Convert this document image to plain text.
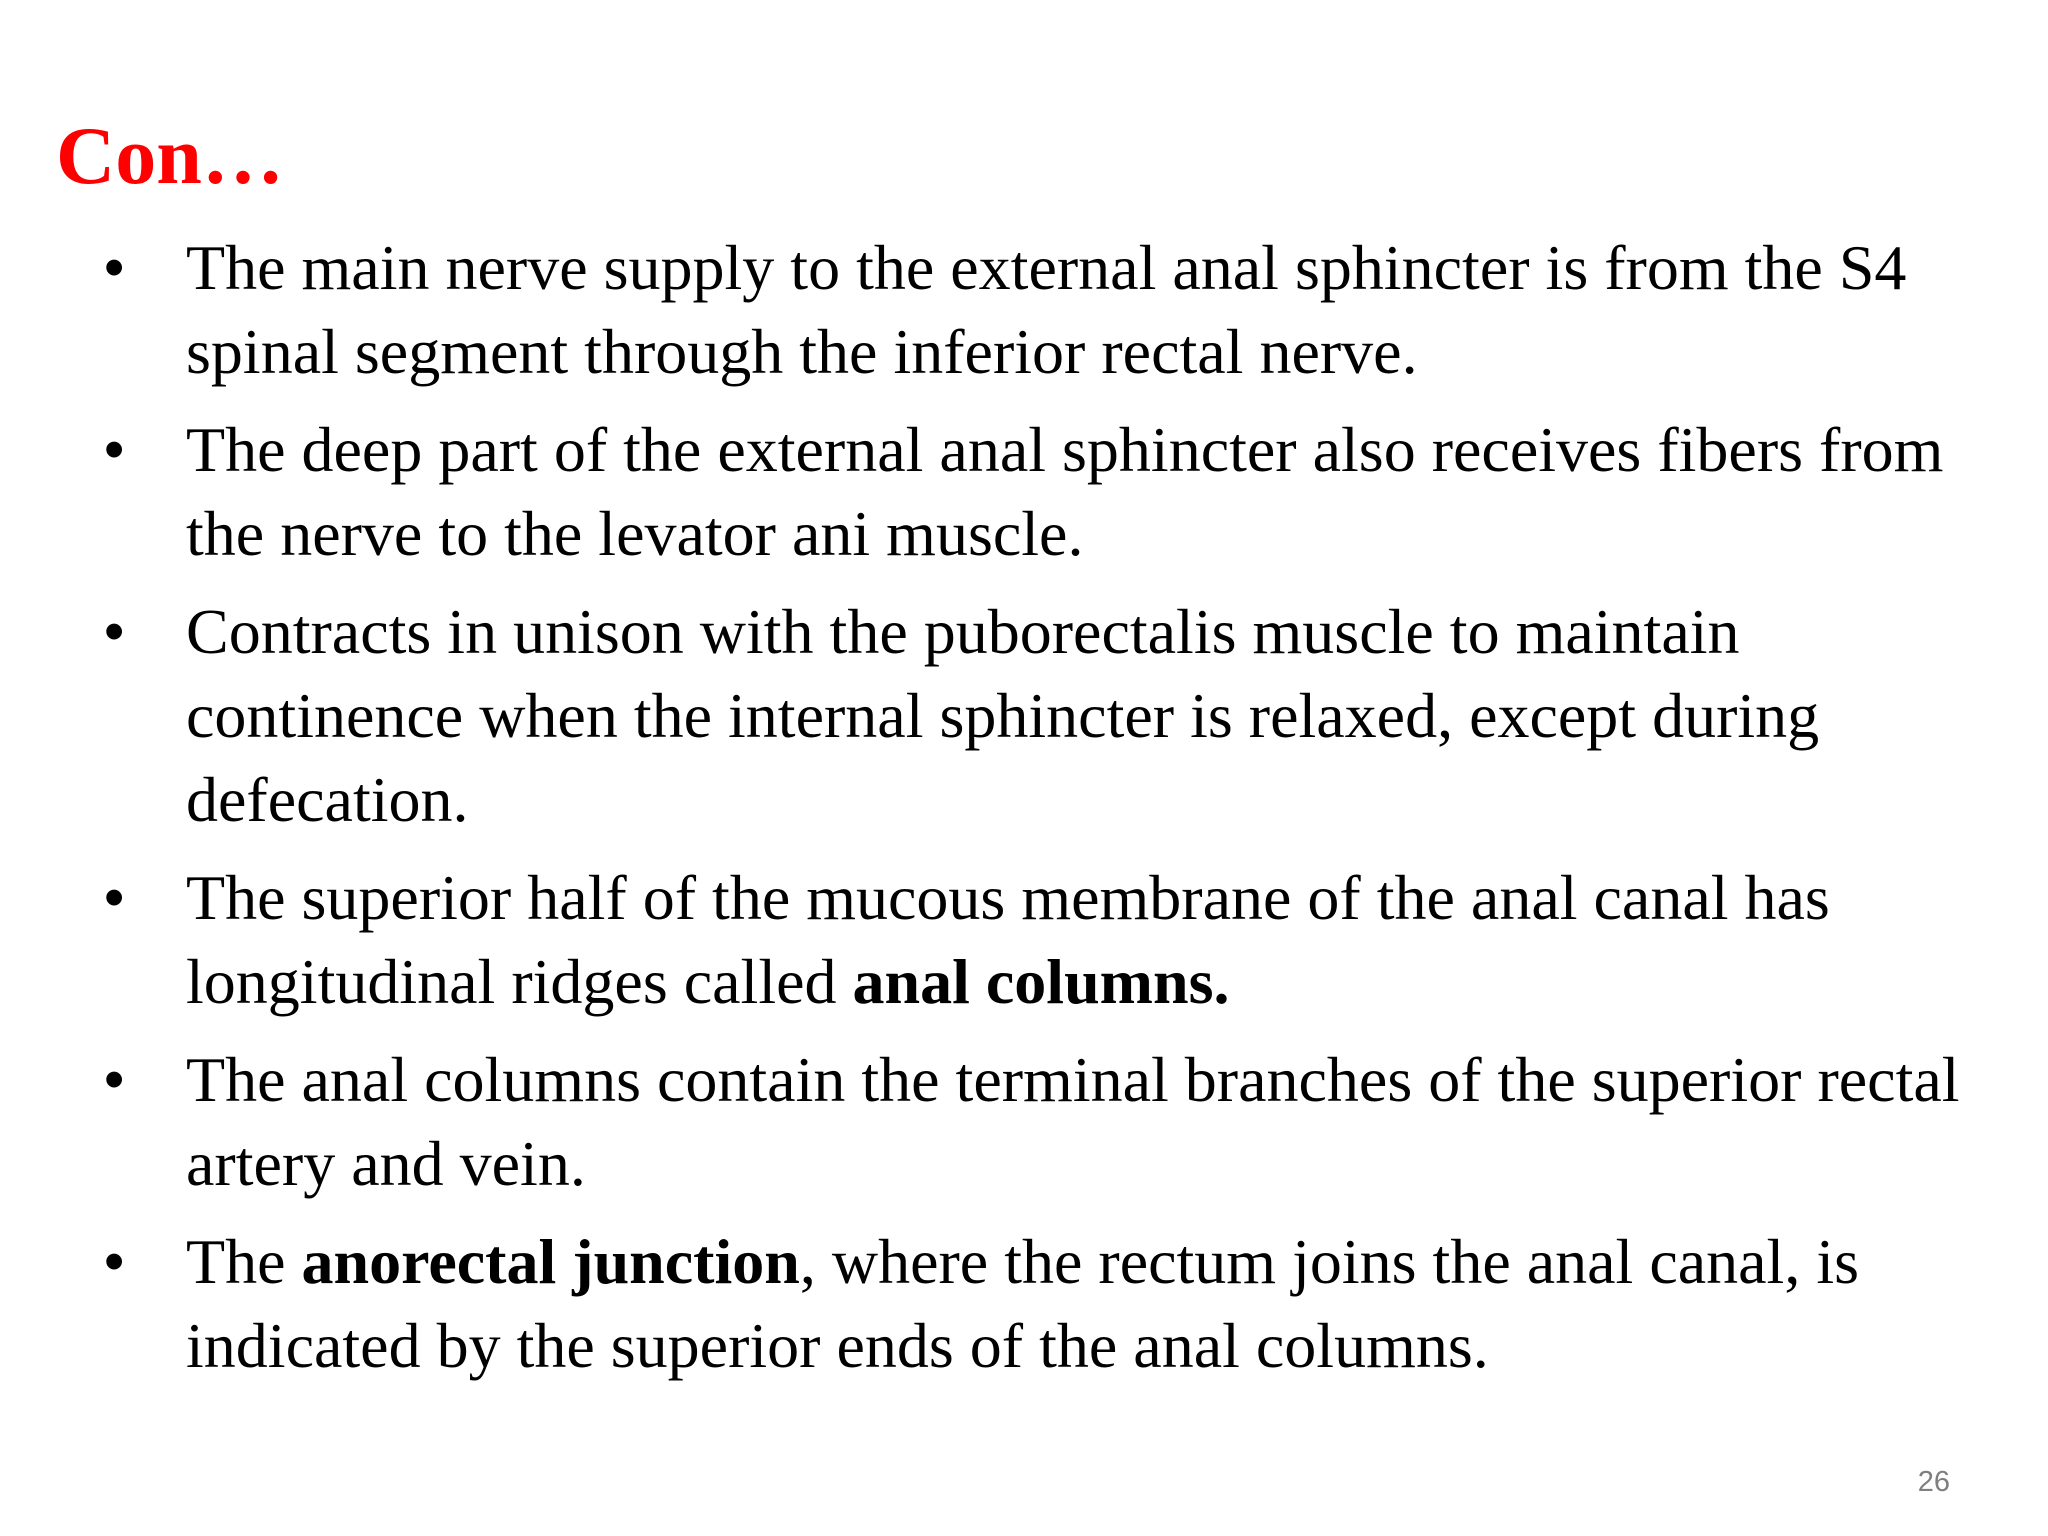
Con…
• The main nerve supply to the external anal sphincter is from the S4 spinal segment through the inferior rectal nerve.
• The deep part of the external anal sphincter also receives fibers from the nerve to the levator ani muscle.
• Contracts in unison with the puborectalis muscle to maintain continence when the internal sphincter is relaxed, except during defecation.
• The superior half of the mucous membrane of the anal canal has longitudinal ridges called anal columns.
• The anal columns contain the terminal branches of the superior rectal artery and vein.
• The anorectal junction, where the rectum joins the anal canal, is indicated by the superior ends of the anal columns.
26
